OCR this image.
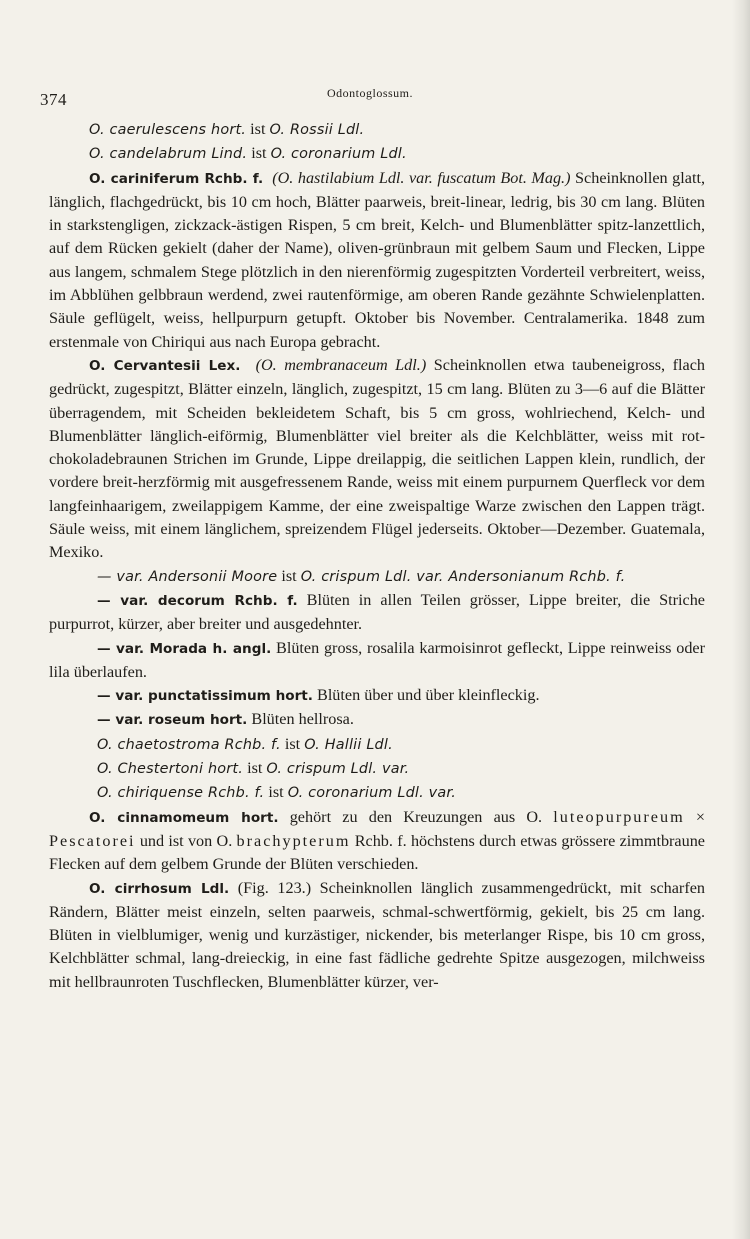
374	Odontoglossum.

O. caerulescens hort. ist O. Rossii Ldl.

O. candelabrum Lind. ist O. coronarium Ldl.

O. cariniferum Rchb. f. (O. hastilabium Ldl. var. fuscatum Bot. Mag.) Scheinknollen glatt, länglich, flachgedrückt, bis 10 cm hoch, Blätter paarweis, breit-linear, ledrig, bis 30 cm lang. Blüten in starkstengligen, zickzack-ästigen Rispen, 5 cm breit, Kelch- und Blumenblätter spitz-lanzettlich, auf dem Rücken gekielt (daher der Name), oliven-grünbraun mit gelbem Saum und Flecken, Lippe aus langem, schmalem Stege plötzlich in den nierenförmig zugespitzten Vorderteil verbreitert, weiss, im Abblühen gelbbraun werdend, zwei rautenförmige, am oberen Rande gezähnte Schwielenplatten. Säule geflügelt, weiss, hellpurpurn getupft. Oktober bis November. Centralamerika. 1848 zum erstenmale von Chiriqui aus nach Europa gebracht.

O. Cervantesii Lex. (O. membranaceum Ldl.) Scheinknollen etwa taubeneigross, flach gedrückt, zugespitzt, Blätter einzeln, länglich, zugespitzt, 15 cm lang. Blüten zu 3—6 auf die Blätter überragendem, mit Scheiden bekleidetem Schaft, bis 5 cm gross, wohlriechend, Kelch- und Blumenblätter länglich-eiförmig, Blumenblätter viel breiter als die Kelchblätter, weiss mit rot-chokoladebraunen Strichen im Grunde, Lippe dreilappig, die seitlichen Lappen klein, rundlich, der vordere breit-herzförmig mit ausgefressenem Rande, weiss mit einem purpurnem Querfleck vor dem langfeinhaarigem, zweilappigem Kamme, der eine zweispaltige Warze zwischen den Lappen trägt. Säule weiss, mit einem länglichem, spreizendem Flügel jederseits. Oktober—Dezember. Guatemala, Mexiko.

— var. Andersonii Moore ist O. crispum Ldl. var. Andersonianum Rchb. f.

— var. decorum Rchb. f. Blüten in allen Teilen grösser, Lippe breiter, die Striche purpurrot, kürzer, aber breiter und ausgedehnter.

— var. Morada h. angl. Blüten gross, rosalila karmoisinrot gefleckt, Lippe reinweiss oder lila überlaufen.

— var. punctatissimum hort. Blüten über und über kleinfleckig.

— var. roseum hort. Blüten hellrosa.

O. chaetostroma Rchb. f. ist O. Hallii Ldl.

O. Chestertoni hort. ist O. crispum Ldl. var.

O. chiriquense Rchb. f. ist O. coronarium Ldl. var.

O. cinnamomeum hort. gehört zu den Kreuzungen aus O. luteopurpureum × Pescatorei und ist von O. brachypterum Rchb. f. höchstens durch etwas grössere zimmtbraune Flecken auf dem gelbem Grunde der Blüten verschieden.

O. cirrhosum Ldl. (Fig. 123.) Scheinknollen länglich zusammengedrückt, mit scharfen Rändern, Blätter meist einzeln, selten paarweis, schmal-schwertförmig, gekielt, bis 25 cm lang. Blüten in vielblumiger, wenig und kurzästiger, nickender, bis meterlanger Rispe, bis 10 cm gross, Kelchblätter schmal, lang-dreieckig, in eine fast fädliche gedrehte Spitze ausgezogen, milchweiss mit hellbraunroten Tuschflecken, Blumenblätter kürzer, ver-
